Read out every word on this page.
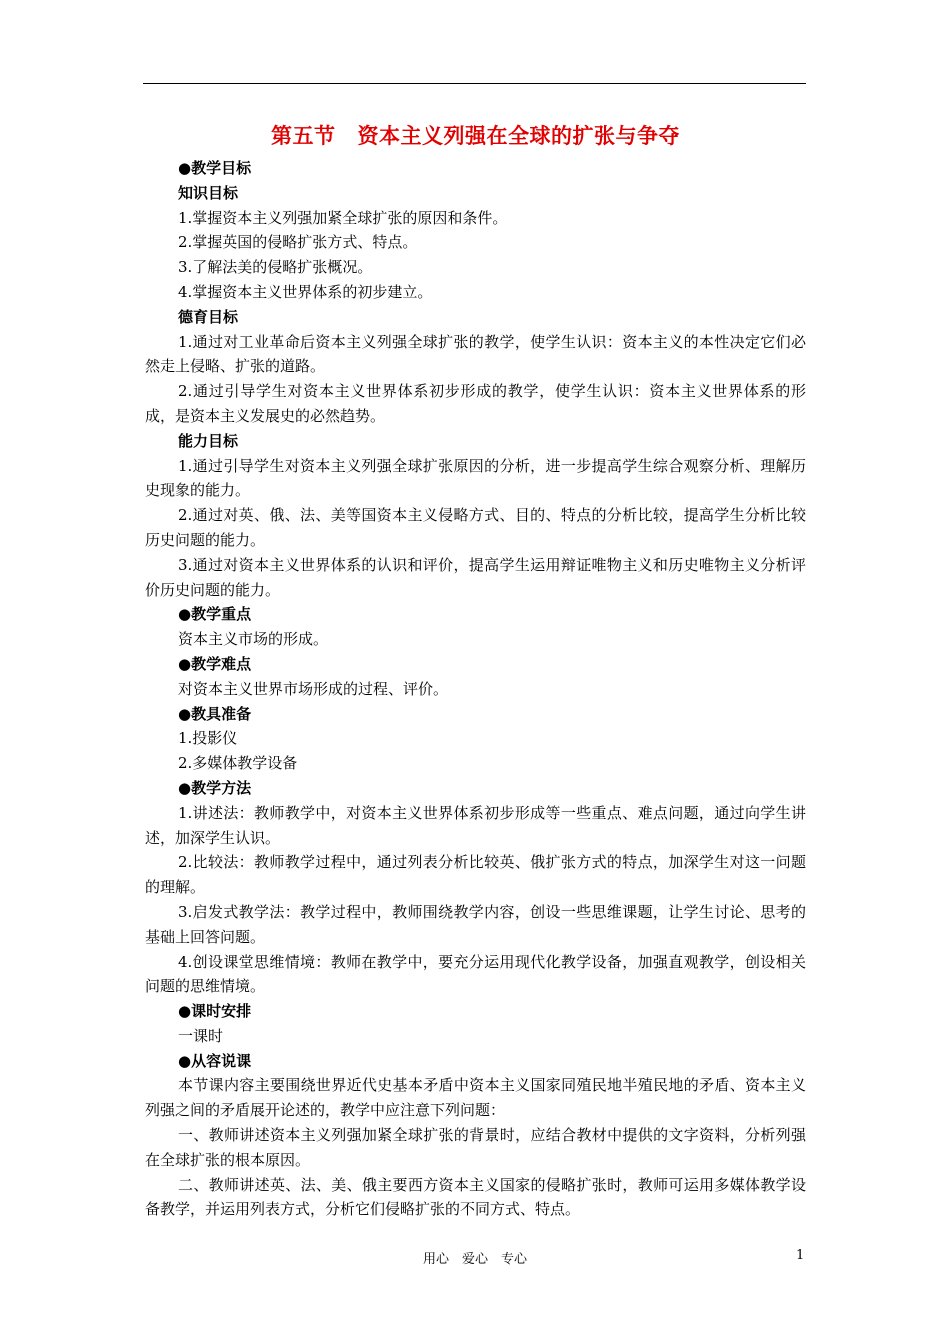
第五节 资本主义列强在全球的扩张与争夺

●教学目标

知识目标

1.掌握资本主义列强加紧全球扩张的原因和条件。

2.掌握英国的侵略扩张方式、特点。

3.了解法美的侵略扩张概况。

4.掌握资本主义世界体系的初步建立。

德育目标

1.通过对工业革命后资本主义列强全球扩张的教学，使学生认识：资本主义的本性决定它们必然走上侵略、扩张的道路。

2.通过引导学生对资本主义世界体系初步形成的教学，使学生认识：资本主义世界体系的形成，是资本主义发展史的必然趋势。

能力目标

1.通过引导学生对资本主义列强全球扩张原因的分析，进一步提高学生综合观察分析、理解历史现象的能力。

2.通过对英、俄、法、美等国资本主义侵略方式、目的、特点的分析比较，提高学生分析比较历史问题的能力。

3.通过对资本主义世界体系的认识和评价，提高学生运用辩证唯物主义和历史唯物主义分析评价历史问题的能力。

●教学重点

资本主义市场的形成。

●教学难点

对资本主义世界市场形成的过程、评价。

●教具准备

1.投影仪

2.多媒体教学设备

●教学方法

1.讲述法：教师教学中，对资本主义世界体系初步形成等一些重点、难点问题，通过向学生讲述，加深学生认识。

2.比较法：教师教学过程中，通过列表分析比较英、俄扩张方式的特点，加深学生对这一问题的理解。

3.启发式教学法：教学过程中，教师围绕教学内容，创设一些思维课题，让学生讨论、思考的基础上回答问题。

4.创设课堂思维情境：教师在教学中，要充分运用现代化教学设备，加强直观教学，创设相关问题的思维情境。

●课时安排

一课时

●从容说课

本节课内容主要围绕世界近代史基本矛盾中资本主义国家同殖民地半殖民地的矛盾、资本主义列强之间的矛盾展开论述的，教学中应注意下列问题：

一、教师讲述资本主义列强加紧全球扩张的背景时，应结合教材中提供的文字资料，分析列强在全球扩张的根本原因。

二、教师讲述英、法、美、俄主要西方资本主义国家的侵略扩张时，教师可运用多媒体教学设备教学，并运用列表方式，分析它们侵略扩张的不同方式、特点。

用心　爱心　专心	1
